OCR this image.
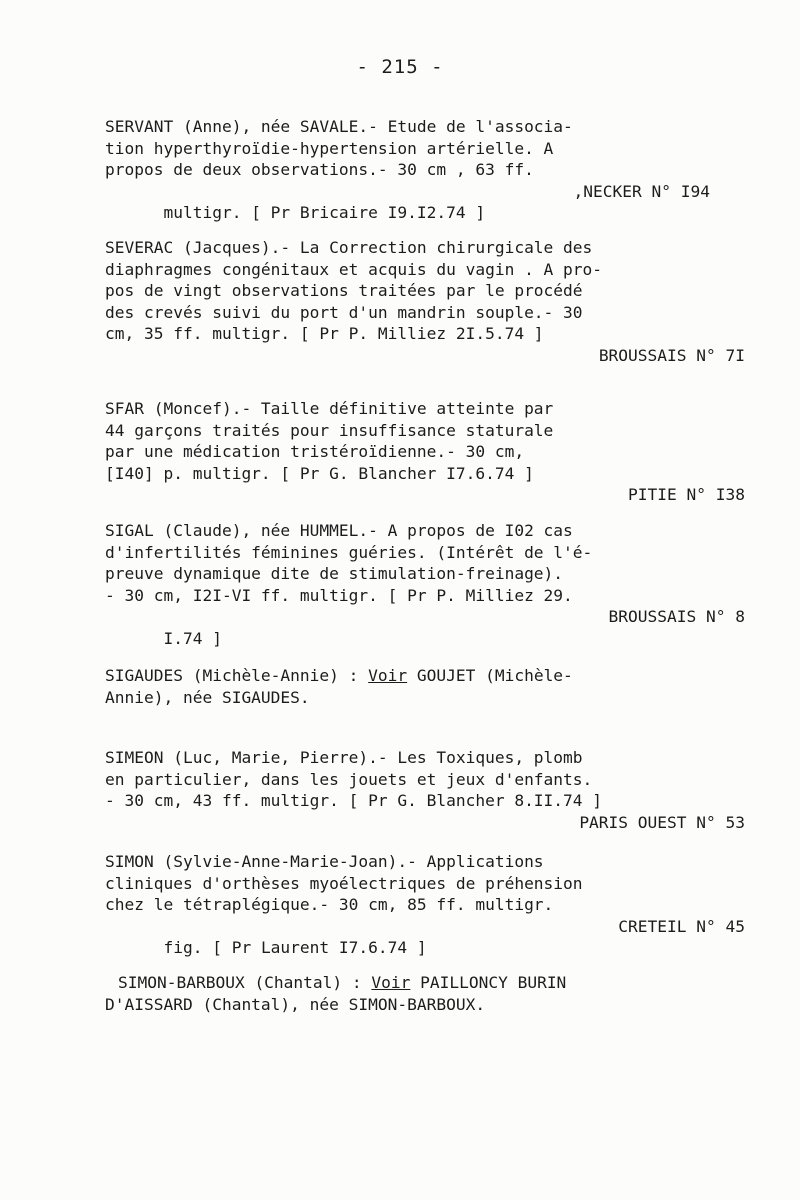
- 215 -
SERVANT (Anne), née SAVALE.- Etude de l'associa-
tion hyperthyroïdie-hypertension artérielle. A
propos de deux observations.- 30 cm , 63 ff.

multigr. [ Pr Bricaire I9.I2.74 ]

,NECKER N° I94

SEVERAC (Jacques).- La Correction chirurgicale des
diaphragmes congénitaux et acquis du vagin . A pro-
pos de vingt observations traitées par le procédé
des crevés suivi du port d'un mandrin souple.- 30
cm, 35 ff. multigr. [ Pr P. Milliez 2I.5.74 ]

BROUSSAIS N° 7I

SFAR (Moncef).- Taille définitive atteinte par
44 garçons traités pour insuffisance staturale
par une médication tristéroïdienne.- 30 cm,
[I40] p. multigr. [ Pr G. Blancher I7.6.74 ]

PITIE N° I38

SIGAL (Claude), née HUMMEL.- A propos de I02 cas
d'infertilités féminines guéries. (Intérêt de l'é-
preuve dynamique dite de stimulation-freinage).
- 30 cm, I2I-VI ff. multigr. [ Pr P. Milliez 29.

I.74 ]

BROUSSAIS N° 8

SIGAUDES (Michèle-Annie) : Voir GOUJET (Michèle-
Annie), née SIGAUDES.
SIMEON (Luc, Marie, Pierre).- Les Toxiques, plomb
en particulier, dans les jouets et jeux d'enfants.
- 30 cm, 43 ff. multigr. [ Pr G. Blancher 8.II.74 ]

PARIS OUEST N° 53

SIMON (Sylvie-Anne-Marie-Joan).- Applications
cliniques d'orthèses myoélectriques de préhension
chez le tétraplégique.- 30 cm, 85 ff. multigr.

fig. [ Pr Laurent I7.6.74 ]

CRETEIL N° 45

SIMON-BARBOUX (Chantal) : Voir PAILLONCY BURIN
D'AISSARD (Chantal), née SIMON-BARBOUX.
